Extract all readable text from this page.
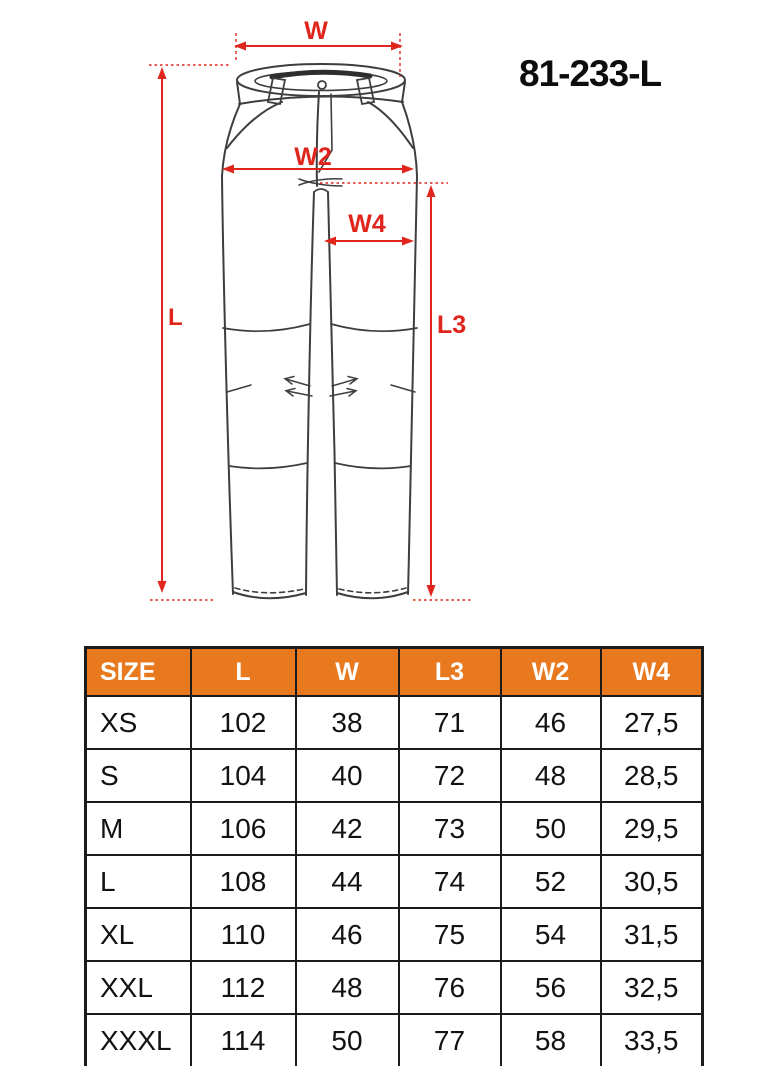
W
W2
W4
L	L3
81-233-L
SIZE	L	W	L3	W2	W4
XS	102	38	71	46	27,5
S	104	40	72	48	28,5
M	106	42	73	50	29,5
L	108	44	74	52	30,5
XL	110	46	75	54	31,5
XXL	112	48	76	56	32,5
XXXL	114	50	77	58	33,5
